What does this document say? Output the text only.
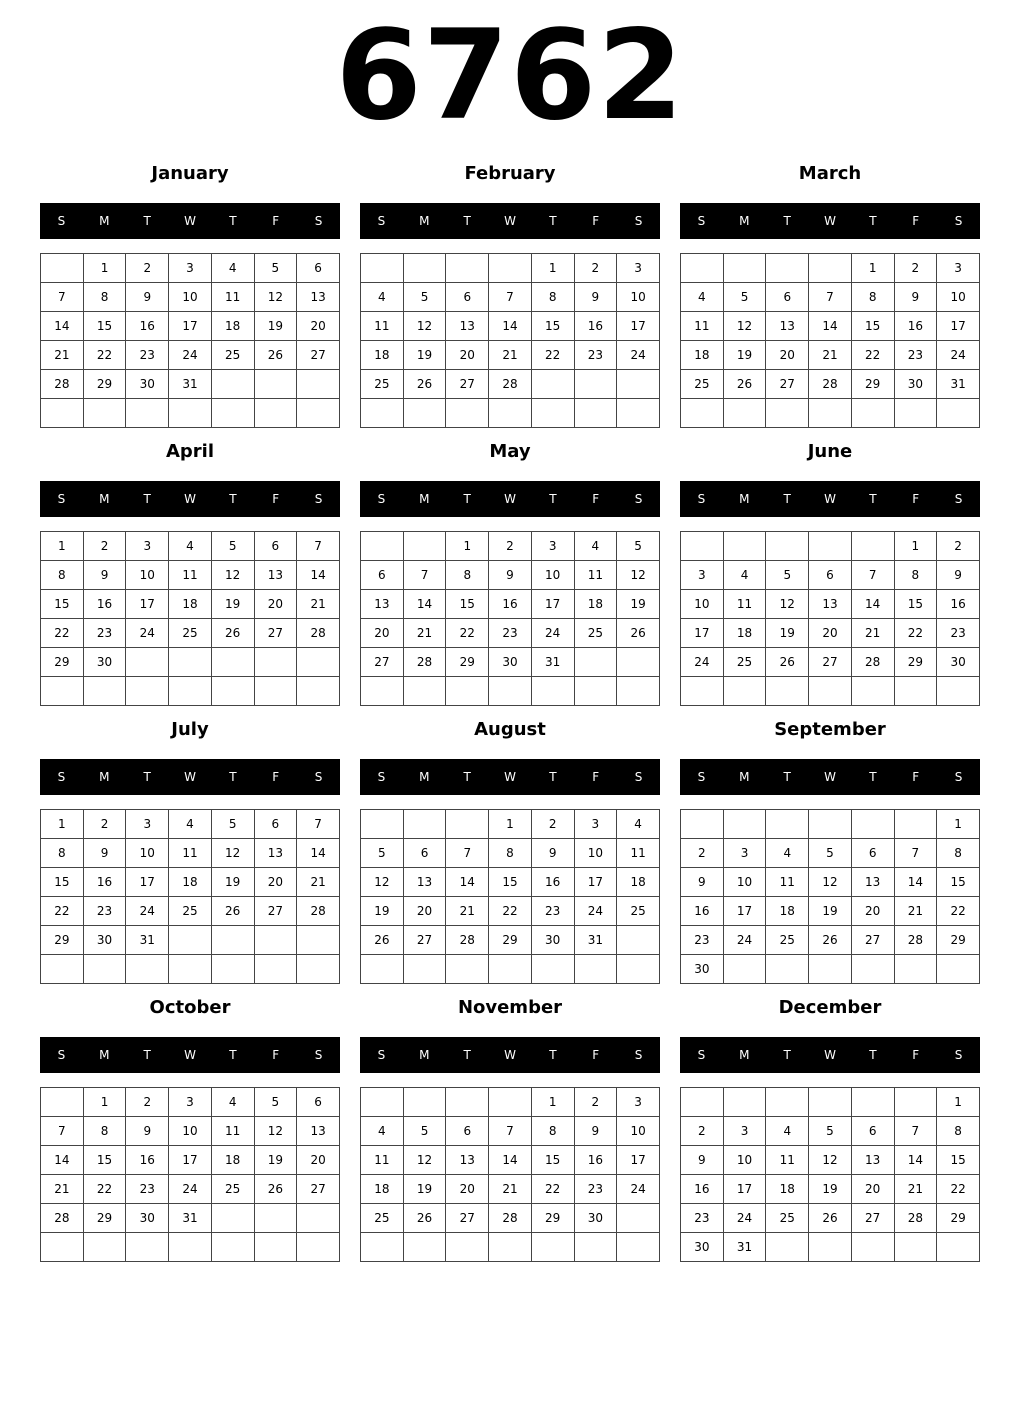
6762
January
S	M	T	W	T	F	S
	1	2	3	4	5	6
7	8	9	10	11	12	13
14	15	16	17	18	19	20
21	22	23	24	25	26	27
28	29	30	31			

February
S	M	T	W	T	F	S
				1	2	3
4	5	6	7	8	9	10
11	12	13	14	15	16	17
18	19	20	21	22	23	24
25	26	27	28			

March
S	M	T	W	T	F	S
				1	2	3
4	5	6	7	8	9	10
11	12	13	14	15	16	17
18	19	20	21	22	23	24
25	26	27	28	29	30	31

April
S	M	T	W	T	F	S
1	2	3	4	5	6	7
8	9	10	11	12	13	14
15	16	17	18	19	20	21
22	23	24	25	26	27	28
29	30					

May
S	M	T	W	T	F	S
		1	2	3	4	5
6	7	8	9	10	11	12
13	14	15	16	17	18	19
20	21	22	23	24	25	26
27	28	29	30	31		

June
S	M	T	W	T	F	S
					1	2
3	4	5	6	7	8	9
10	11	12	13	14	15	16
17	18	19	20	21	22	23
24	25	26	27	28	29	30

July
S	M	T	W	T	F	S
1	2	3	4	5	6	7
8	9	10	11	12	13	14
15	16	17	18	19	20	21
22	23	24	25	26	27	28
29	30	31				

August
S	M	T	W	T	F	S
			1	2	3	4
5	6	7	8	9	10	11
12	13	14	15	16	17	18
19	20	21	22	23	24	25
26	27	28	29	30	31	

September
S	M	T	W	T	F	S
						1
2	3	4	5	6	7	8
9	10	11	12	13	14	15
16	17	18	19	20	21	22
23	24	25	26	27	28	29
30						
October
S	M	T	W	T	F	S
	1	2	3	4	5	6
7	8	9	10	11	12	13
14	15	16	17	18	19	20
21	22	23	24	25	26	27
28	29	30	31			

November
S	M	T	W	T	F	S
				1	2	3
4	5	6	7	8	9	10
11	12	13	14	15	16	17
18	19	20	21	22	23	24
25	26	27	28	29	30	

December
S	M	T	W	T	F	S
						1
2	3	4	5	6	7	8
9	10	11	12	13	14	15
16	17	18	19	20	21	22
23	24	25	26	27	28	29
30	31					
